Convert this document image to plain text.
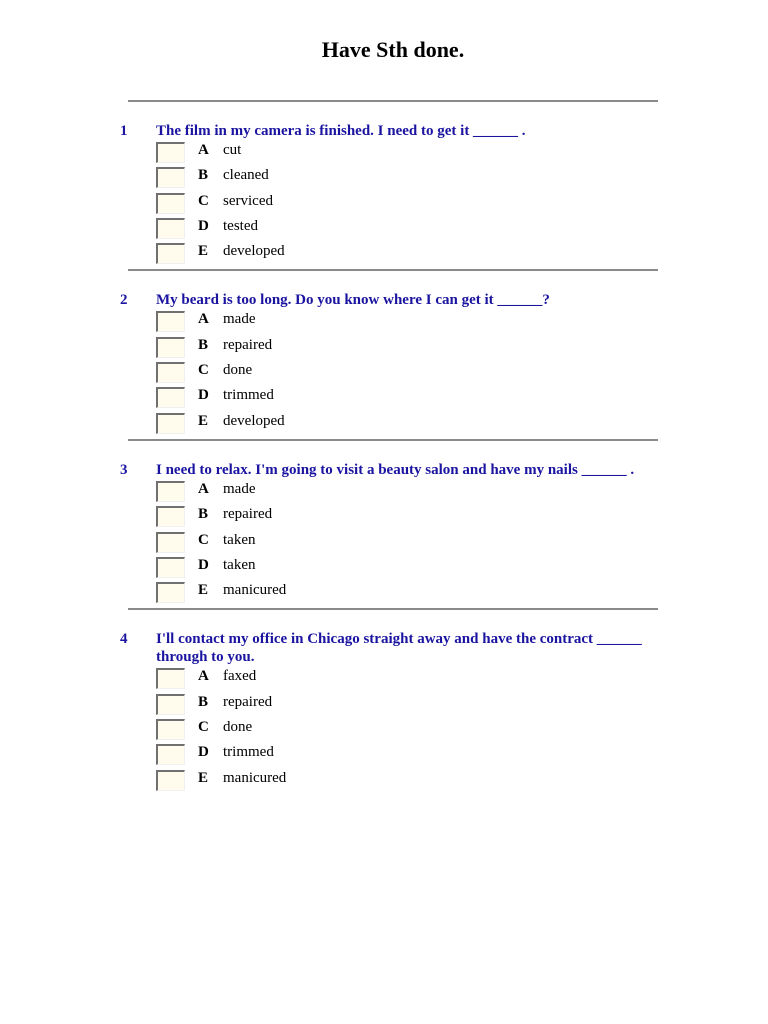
Have Sth done.
1 The film in my camera is finished. I need to get it ______ .
A cut
B cleaned
C serviced
D tested
E developed
2 My beard is too long. Do you know where I can get it ______?
A made
B repaired
C done
D trimmed
E developed
3 I need to relax. I'm going to visit a beauty salon and have my nails ______ .
A made
B repaired
C taken
D taken
E manicured
4 I'll contact my office in Chicago straight away and have the contract ______ through to you.
A faxed
B repaired
C done
D trimmed
E manicured
